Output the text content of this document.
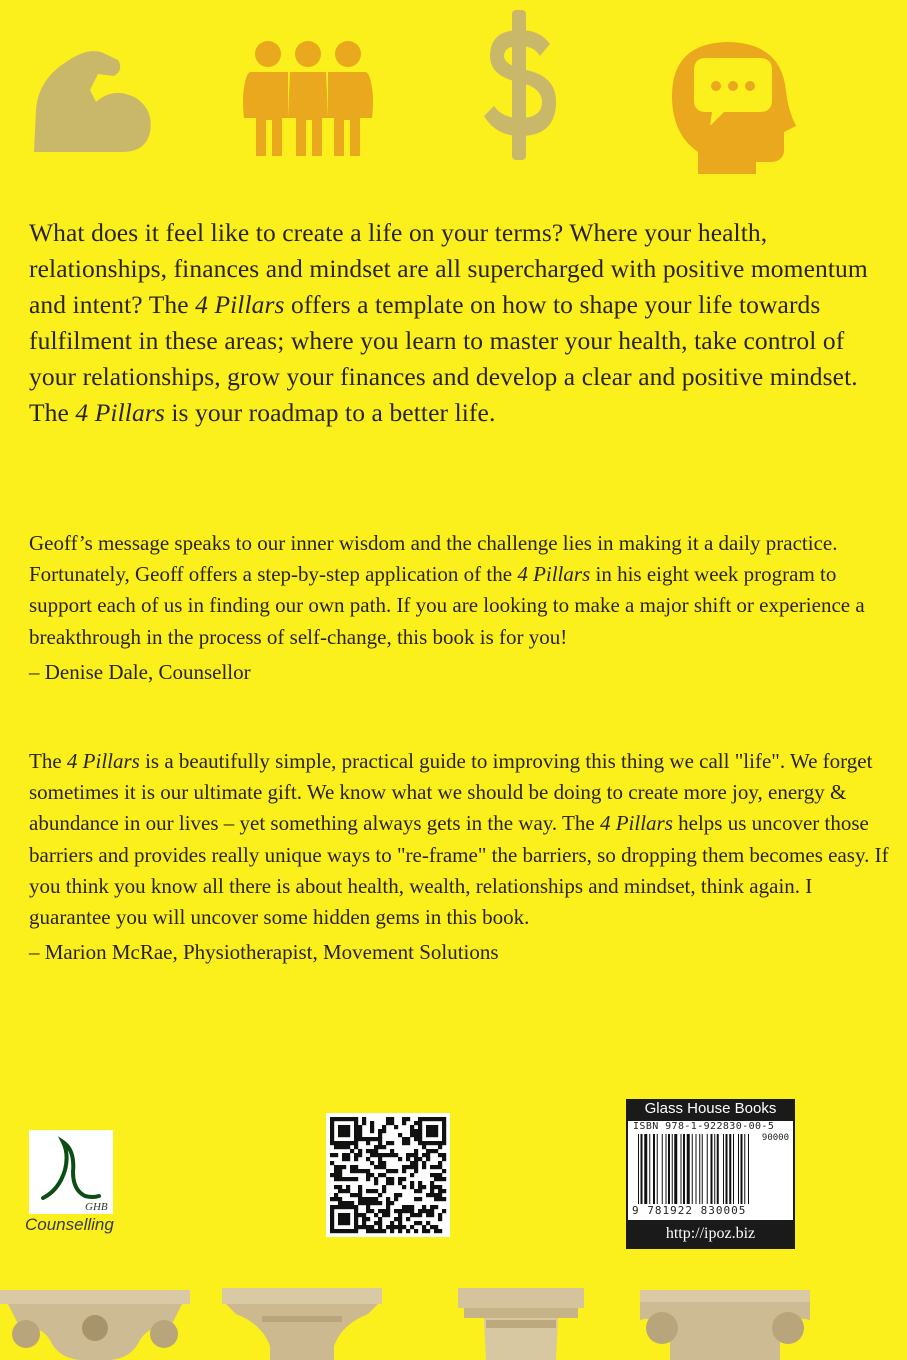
What does it feel like to create a life on your terms? Where your health, relationships, finances and mindset are all supercharged with positive momentum and intent? The 4 Pillars offers a template on how to shape your life towards fulfilment in these areas; where you learn to master your health, take control of your relationships, grow your finances and develop a clear and positive mindset. The 4 Pillars is your roadmap to a better life.

Geoff’s message speaks to our inner wisdom and the challenge lies in making it a daily practice. Fortunately, Geoff offers a step-by-step application of the 4 Pillars in his eight week program to support each of us in finding our own path. If you are looking to make a major shift or experience a breakthrough in the process of self-change, this book is for you!

– Denise Dale, Counsellor

The 4 Pillars is a beautifully simple, practical guide to improving this thing we call "life". We forget sometimes it is our ultimate gift. We know what we should be doing to create more joy, energy & abundance in our lives – yet something always gets in the way. The 4 Pillars helps us uncover those barriers and provides really unique ways to "re-frame" the barriers, so dropping them becomes easy. If you think you know all there is about health, wealth, relationships and mindset, think again. I guarantee you will uncover some hidden gems in this book.

– Marion McRae, Physiotherapist, Movement Solutions

GHB
Counselling
Glass House Books
ISBN 978-1-922830-00-5
90000
9 781922 830005
http://ipoz.biz
